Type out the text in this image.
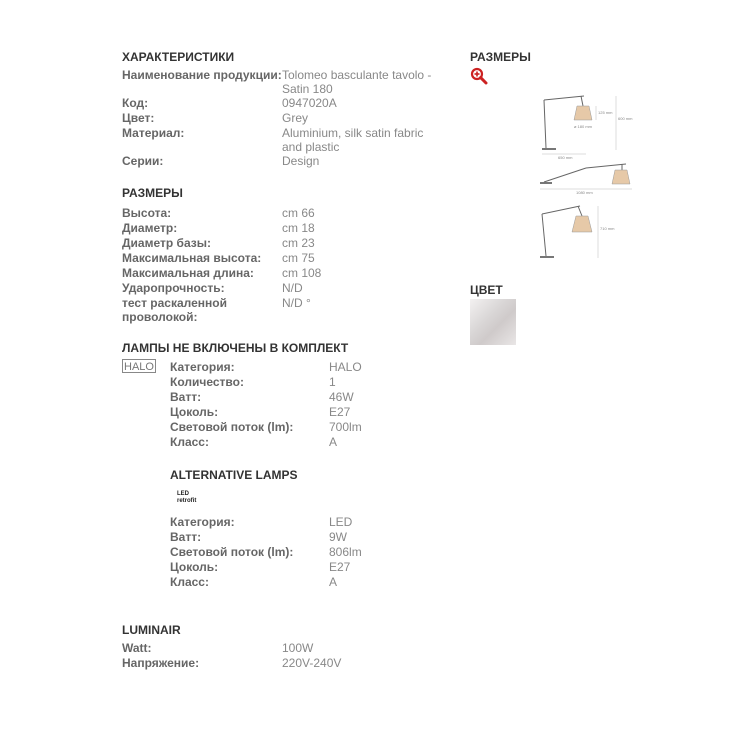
ХАРАКТЕРИСТИКИ
Наименование продукции: Tolomeo basculante tavolo - Satin 180
Код:	0947020A
Цвет:	Grey
Материал:	Aluminium, silk satin fabric and plastic
Серии:	Design
РАЗМЕРЫ
Высота:	cm 66
Диаметр:	cm 18
Диаметр базы:	cm 23
Максимальная высота: cm 75
Максимальная длина: cm 108
Ударопрочность:	N/D
тест раскаленной проволокой:
N/D °
ЛАМПЫ НЕ ВКЛЮЧЕНЫ В КОМПЛЕКТ
HALO Категория:	HALO
Количество:	1
Ватт:	46W
Цоколь:	E27
Световой поток (lm):	700lm
Класс:	A
ALTERNATIVE LAMPS
LED
retrofit
Категория:	LED
Ватт:	9W
Световой поток (lm):	806lm
Цоколь:	E27
Класс:	A
LUMINAIR
Watt:	100W
Напряжение:	220V-240V
РАЗМЕРЫ
125 mm
600 mm
ø 180 mm
650 mm
1080 mm
710 mm
ЦВЕТ
